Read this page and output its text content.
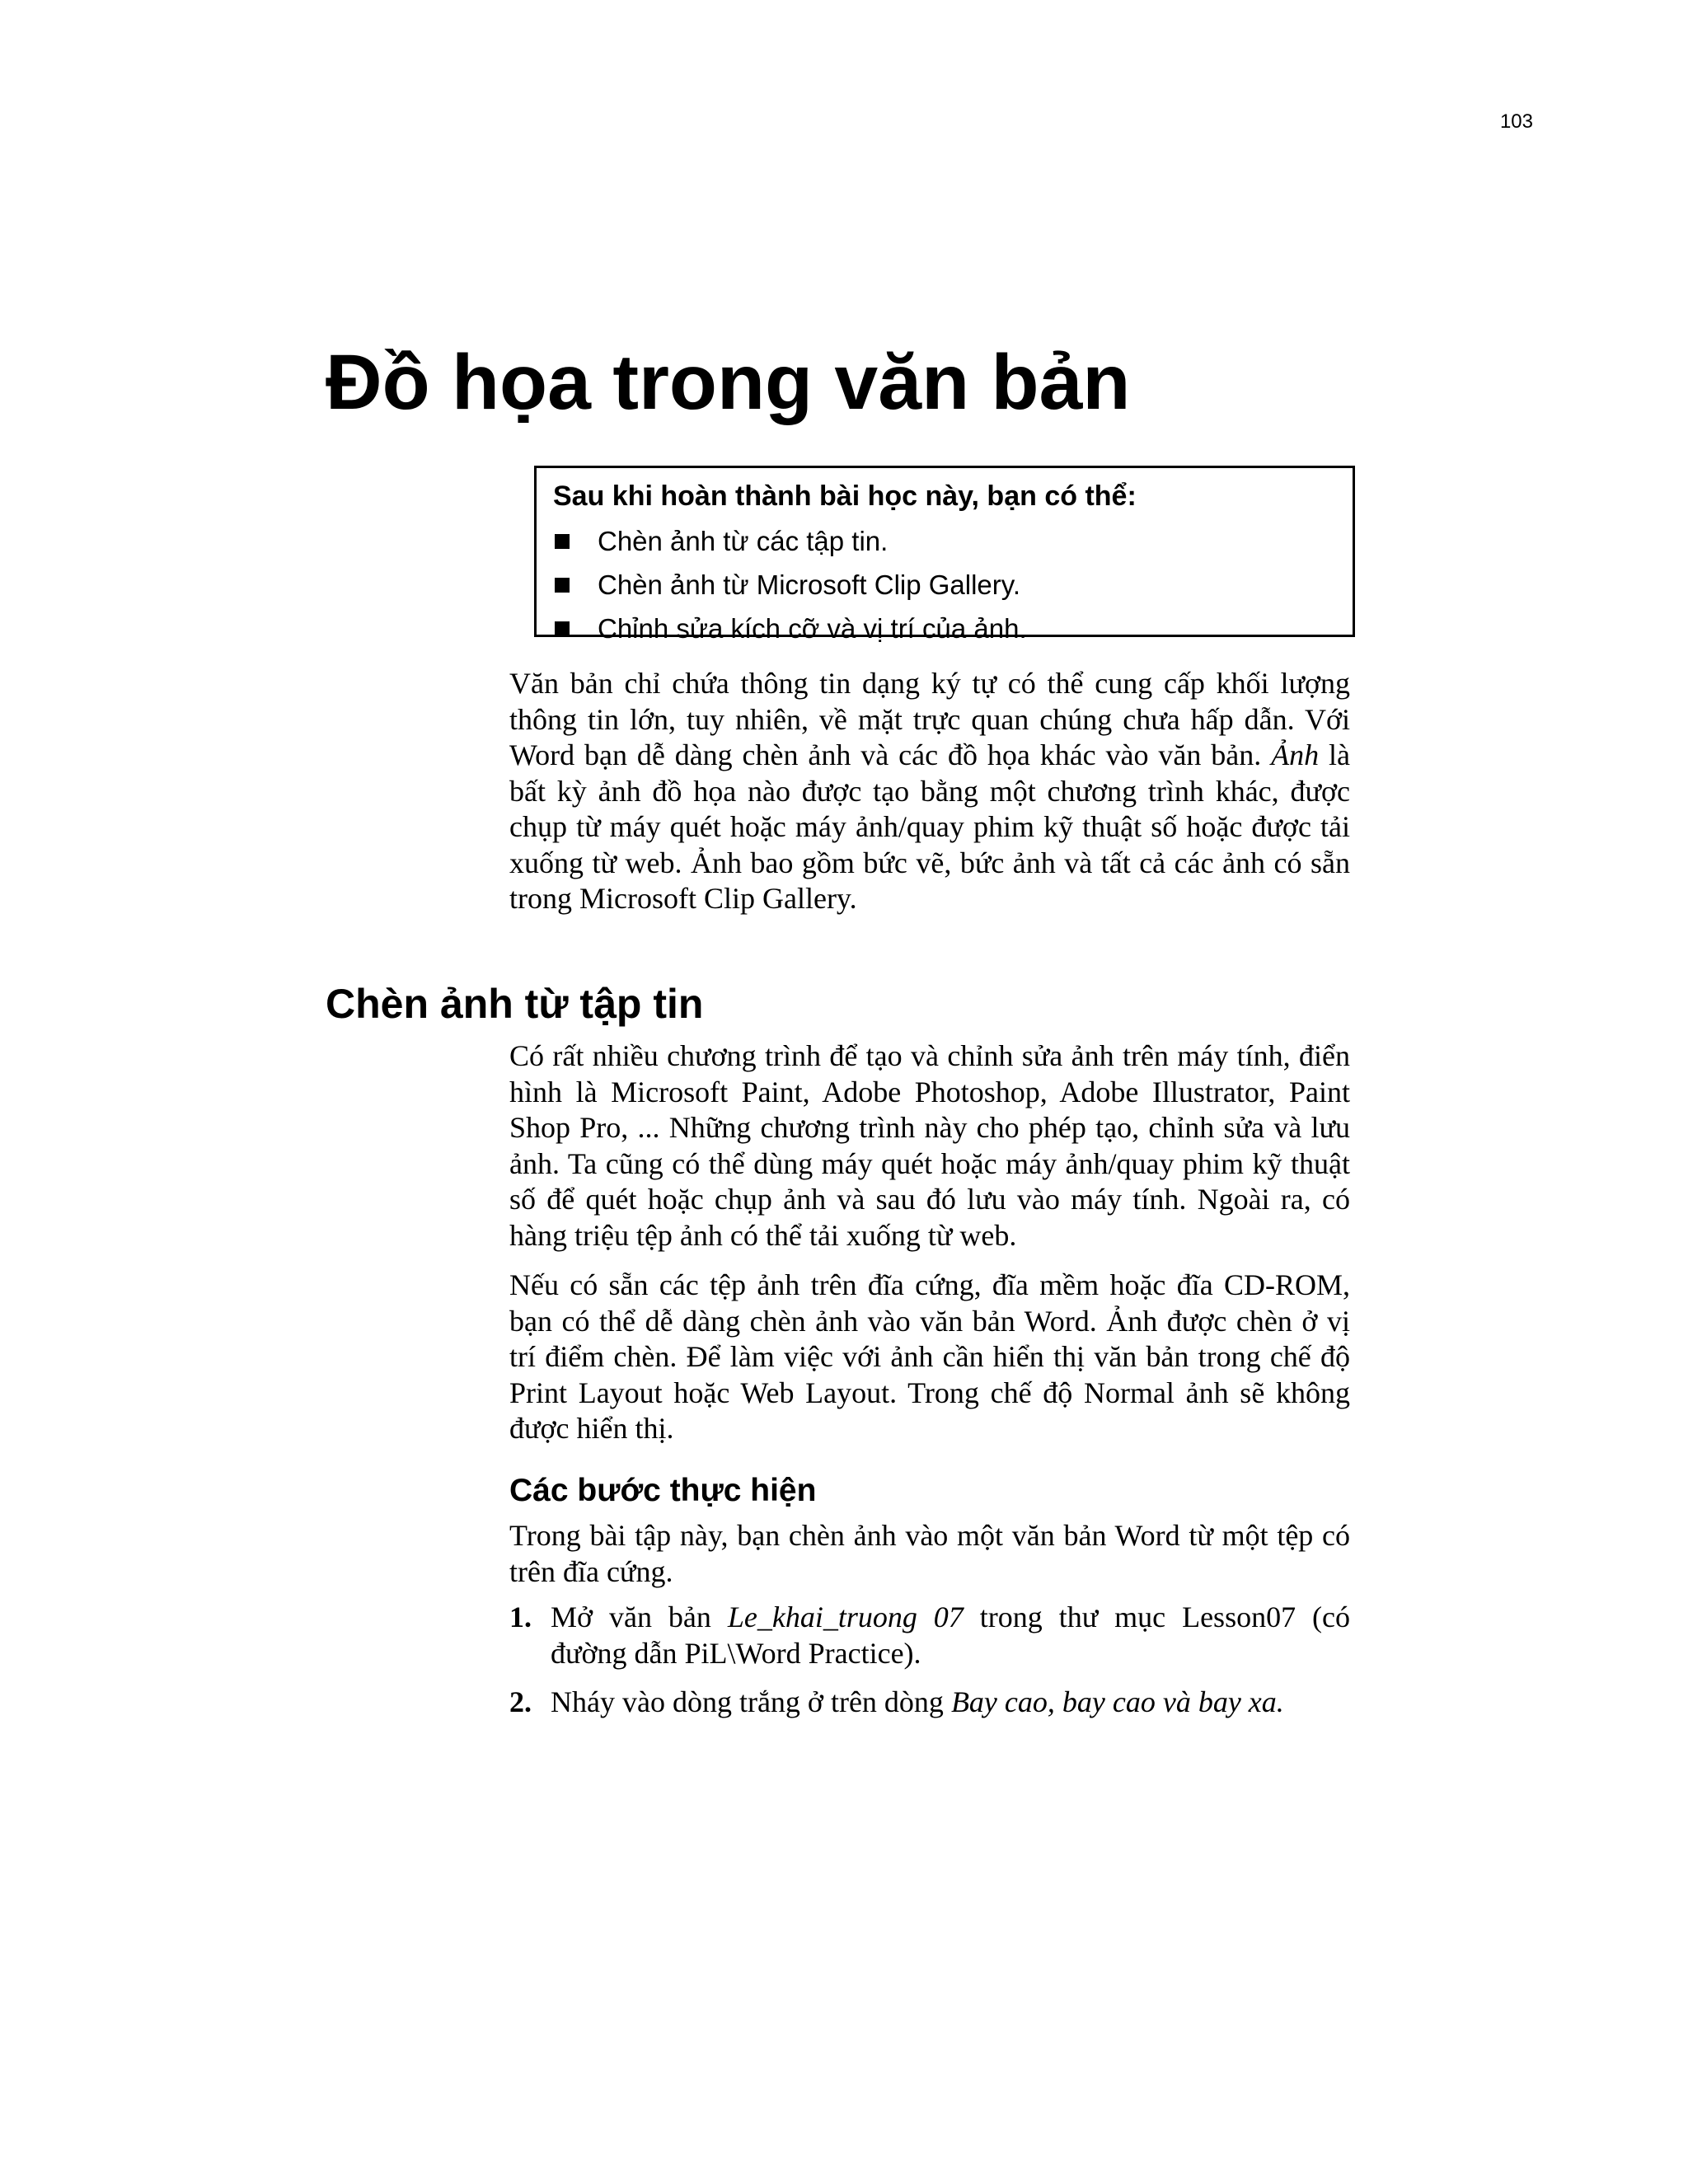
103
Đồ họa trong văn bản

Sau khi hoàn thành bài học này, bạn có thể:

Chèn ảnh từ các tập tin.
Chèn ảnh từ Microsoft Clip Gallery.
Chỉnh sửa kích cỡ và vị trí của ảnh.

Văn bản chỉ chứa thông tin dạng ký tự có thể cung cấp khối lượng thông tin lớn, tuy nhiên, về mặt trực quan chúng chưa hấp dẫn. Với Word bạn dễ dàng chèn ảnh và các đồ họa khác vào văn bản. Ảnh là bất kỳ ảnh đồ họa nào được tạo bằng một chương trình khác, được chụp từ máy quét hoặc máy ảnh/quay phim kỹ thuật số hoặc được tải xuống từ web. Ảnh bao gồm bức vẽ, bức ảnh và tất cả các ảnh có sẵn trong Microsoft Clip Gallery.

Chèn ảnh từ tập tin

Có rất nhiều chương trình để tạo và chỉnh sửa ảnh trên máy tính, điển hình là Microsoft Paint, Adobe Photoshop, Adobe Illustrator, Paint Shop Pro, ... Những chương trình này cho phép tạo, chỉnh sửa và lưu ảnh. Ta cũng có thể dùng máy quét hoặc máy ảnh/quay phim kỹ thuật số để quét hoặc chụp ảnh và sau đó lưu vào máy tính. Ngoài ra, có hàng triệu tệp ảnh có thể tải xuống từ web.

Nếu có sẵn các tệp ảnh trên đĩa cứng, đĩa mềm hoặc đĩa CD-ROM, bạn có thể dễ dàng chèn ảnh vào văn bản Word. Ảnh được chèn ở vị trí điểm chèn. Để làm việc với ảnh cần hiển thị văn bản trong chế độ Print Layout hoặc Web Layout. Trong chế độ Normal ảnh sẽ không được hiển thị.

Các bước thực hiện

Trong bài tập này, bạn chèn ảnh vào một văn bản Word từ một tệp có trên đĩa cứng.

1. Mở văn bản Le_khai_truong 07 trong thư mục Lesson07 (có đường dẫn PiL\Word Practice).
2. Nháy vào dòng trắng ở trên dòng Bay cao, bay cao và bay xa.
